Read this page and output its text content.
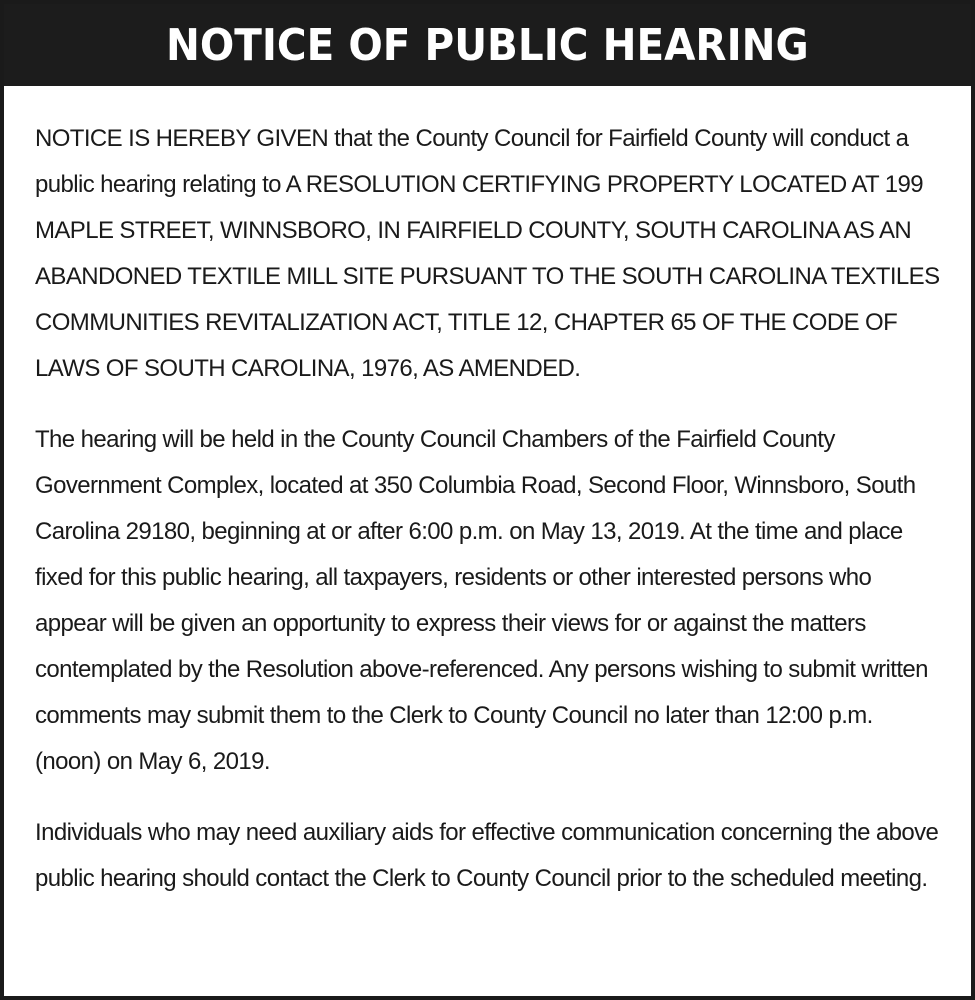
NOTICE OF PUBLIC HEARING

NOTICE IS HEREBY GIVEN that the County Council for Fairfield County will conduct a public hearing relating to A RESOLUTION CERTIFYING PROPERTY LOCATED AT 199 MAPLE STREET, WINNSBORO, IN FAIRFIELD COUNTY, SOUTH CAROLINA AS AN ABANDONED TEXTILE MILL SITE PURSUANT TO THE SOUTH CAROLINA TEXTILES COMMUNITIES REVITALIZATION ACT, TITLE 12, CHAPTER 65 OF THE CODE OF LAWS OF SOUTH CAROLINA, 1976, AS AMENDED.

The hearing will be held in the County Council Chambers of the Fairfield County Government Complex, located at 350 Columbia Road, Second Floor, Winnsboro, South Carolina 29180, beginning at or after 6:00 p.m. on May 13, 2019. At the time and place fixed for this public hearing, all taxpayers, residents or other interested persons who appear will be given an opportunity to express their views for or against the matters contemplated by the Resolution above-referenced. Any persons wishing to submit written comments may submit them to the Clerk to County Council no later than 12:00 p.m. (noon) on May 6, 2019.

Individuals who may need auxiliary aids for effective communication concerning the above public hearing should contact the Clerk to County Council prior to the scheduled meeting.
